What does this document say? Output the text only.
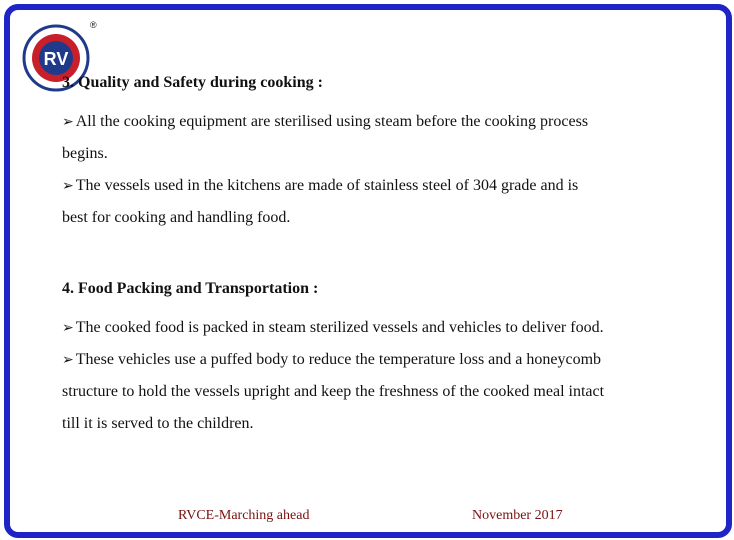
RV
®

3. Quality and Safety during cooking :

➢ All the cooking equipment are sterilised using steam before the cooking process
begins.

➢ The vessels used in the kitchens are made of stainless steel of 304 grade and is
best for cooking and handling food.

4. Food Packing and Transportation :

➢ The cooked food is packed in steam sterilized vessels and vehicles to deliver food.

➢ These vehicles use a puffed body to reduce the temperature loss and a honeycomb
structure to hold the vessels upright and keep the freshness of the cooked meal intact
till it is served to the children.

RVCE-Marching ahead	November 2017
